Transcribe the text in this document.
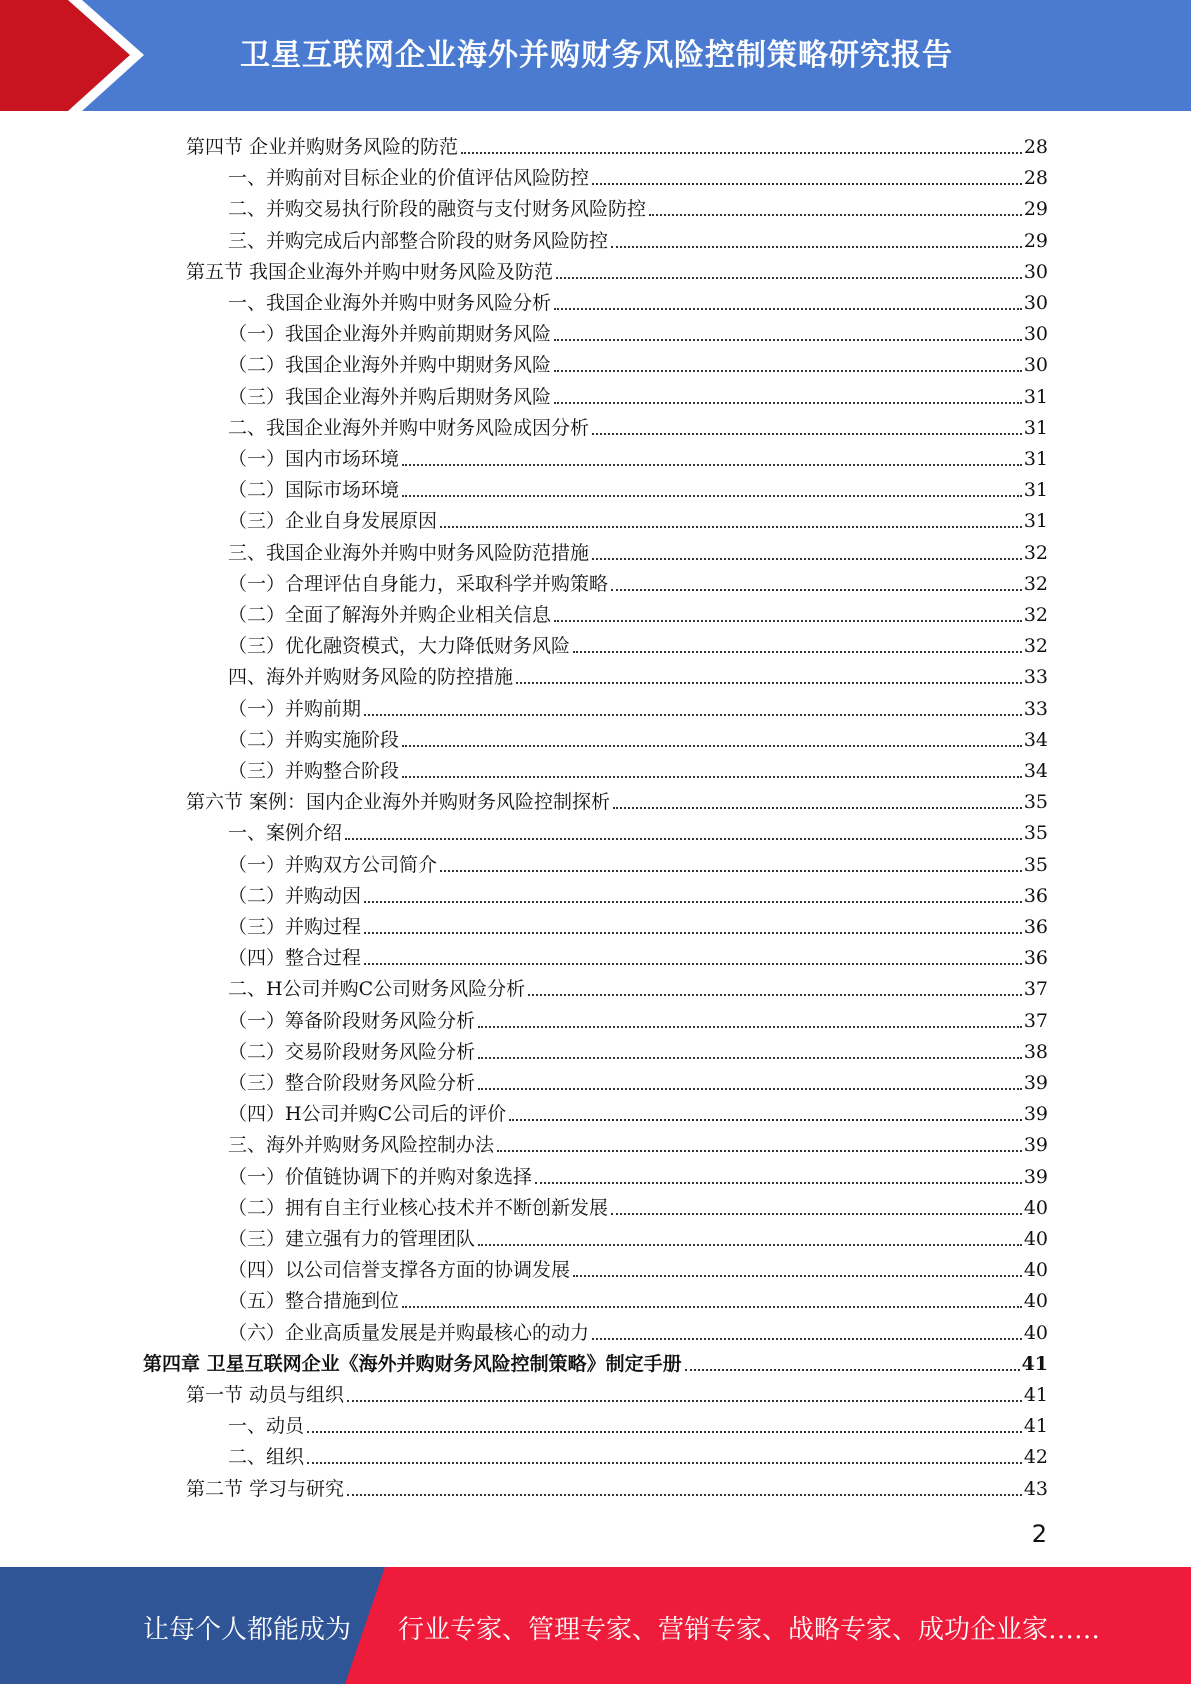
卫星互联网企业海外并购财务风险控制策略研究报告
第四节 企业并购财务风险的防范	28
一、并购前对目标企业的价值评估风险防控	28
二、并购交易执行阶段的融资与支付财务风险防控	29
三、并购完成后内部整合阶段的财务风险防控	29
第五节 我国企业海外并购中财务风险及防范	30
一、我国企业海外并购中财务风险分析	30
（一）我国企业海外并购前期财务风险	30
（二）我国企业海外并购中期财务风险	30
（三）我国企业海外并购后期财务风险	31
二、我国企业海外并购中财务风险成因分析	31
（一）国内市场环境	31
（二）国际市场环境	31
（三）企业自身发展原因	31
三、我国企业海外并购中财务风险防范措施	32
（一）合理评估自身能力，采取科学并购策略	32
（二）全面了解海外并购企业相关信息	32
（三）优化融资模式，大力降低财务风险	32
四、海外并购财务风险的防控措施	33
（一）并购前期	33
（二）并购实施阶段	34
（三）并购整合阶段	34
第六节 案例：国内企业海外并购财务风险控制探析	35
一、案例介绍	35
（一）并购双方公司简介	35
（二）并购动因	36
（三）并购过程	36
（四）整合过程	36
二、H公司并购C公司财务风险分析	37
（一）筹备阶段财务风险分析	37
（二）交易阶段财务风险分析	38
（三）整合阶段财务风险分析	39
（四）H公司并购C公司后的评价	39
三、海外并购财务风险控制办法	39
（一）价值链协调下的并购对象选择	39
（二）拥有自主行业核心技术并不断创新发展	40
（三）建立强有力的管理团队	40
（四）以公司信誉支撑各方面的协调发展	40
（五）整合措施到位	40
（六）企业高质量发展是并购最核心的动力	40
第四章 卫星互联网企业《海外并购财务风险控制策略》制定手册	41
第一节 动员与组织	41
一、动员	41
二、组织	42
第二节 学习与研究	43
2
让每个人都能成为 行业专家、管理专家、营销专家、战略专家、成功企业家……
